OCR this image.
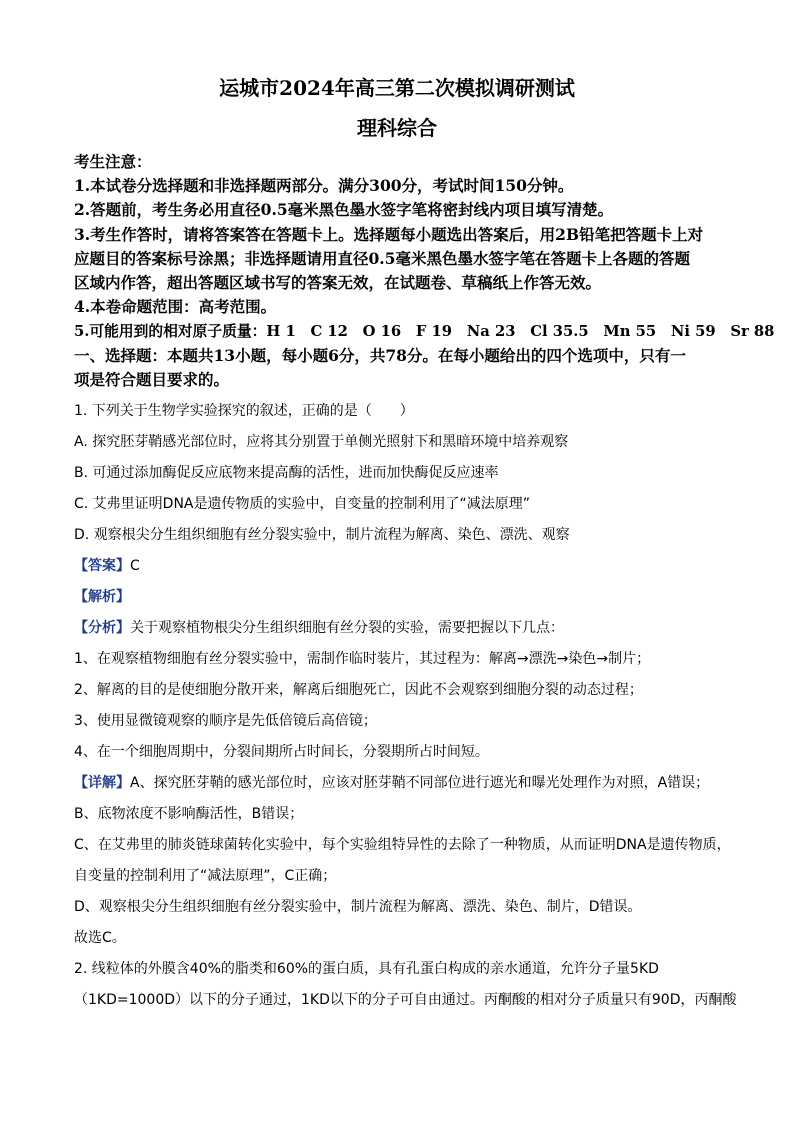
运城市2024年高三第二次模拟调研测试
理科综合
考生注意：
1.本试卷分选择题和非选择题两部分。满分300分，考试时间150分钟。
2.答题前，考生务必用直径0.5毫米黑色墨水签字笔将密封线内项目填写清楚。
3.考生作答时，请将答案答在答题卡上。选择题每小题选出答案后，用2B铅笔把答题卡上对
应题目的答案标号涂黑；非选择题请用直径0.5毫米黑色墨水签字笔在答题卡上各题的答题
区域内作答，超出答题区域书写的答案无效，在试题卷、草稿纸上作答无效。
4.本卷命题范围：高考范围。
5.可能用到的相对原子质量：H 1　C 12　O 16　F 19　Na 23　Cl 35.5　Mn 55　Ni 59　Sr 88
一、选择题：本题共13小题，每小题6分，共78分。在每小题给出的四个选项中，只有一
项是符合题目要求的。
1. 下列关于生物学实验探究的叙述，正确的是（　　）
A. 探究胚芽鞘感光部位时，应将其分别置于单侧光照射下和黑暗环境中培养观察
B. 可通过添加酶促反应底物来提高酶的活性，进而加快酶促反应速率
C. 艾弗里证明DNA是遗传物质的实验中，自变量的控制利用了“减法原理”
D. 观察根尖分生组织细胞有丝分裂实验中，制片流程为解离、染色、漂洗、观察
【答案】C
【解析】
【分析】关于观察植物根尖分生组织细胞有丝分裂的实验，需要把握以下几点：
1、在观察植物细胞有丝分裂实验中，需制作临时装片，其过程为：解离→漂洗→染色→制片；
2、解离的目的是使细胞分散开来，解离后细胞死亡，因此不会观察到细胞分裂的动态过程；
3、使用显微镜观察的顺序是先低倍镜后高倍镜；
4、在一个细胞周期中，分裂间期所占时间长，分裂期所占时间短。
【详解】A、探究胚芽鞘的感光部位时，应该对胚芽鞘不同部位进行遮光和曝光处理作为对照，A错误；
B、底物浓度不影响酶活性，B错误；
C、在艾弗里的肺炎链球菌转化实验中，每个实验组特异性的去除了一种物质，从而证明DNA是遗传物质，
自变量的控制利用了“减法原理”，C正确；
D、观察根尖分生组织细胞有丝分裂实验中，制片流程为解离、漂洗、染色、制片，D错误。
故选C。
2. 线粒体的外膜含40%的脂类和60%的蛋白质，具有孔蛋白构成的亲水通道，允许分子量5KD
（1KD=1000D）以下的分子通过，1KD以下的分子可自由通过。丙酮酸的相对分子质量只有90D，丙酮酸
